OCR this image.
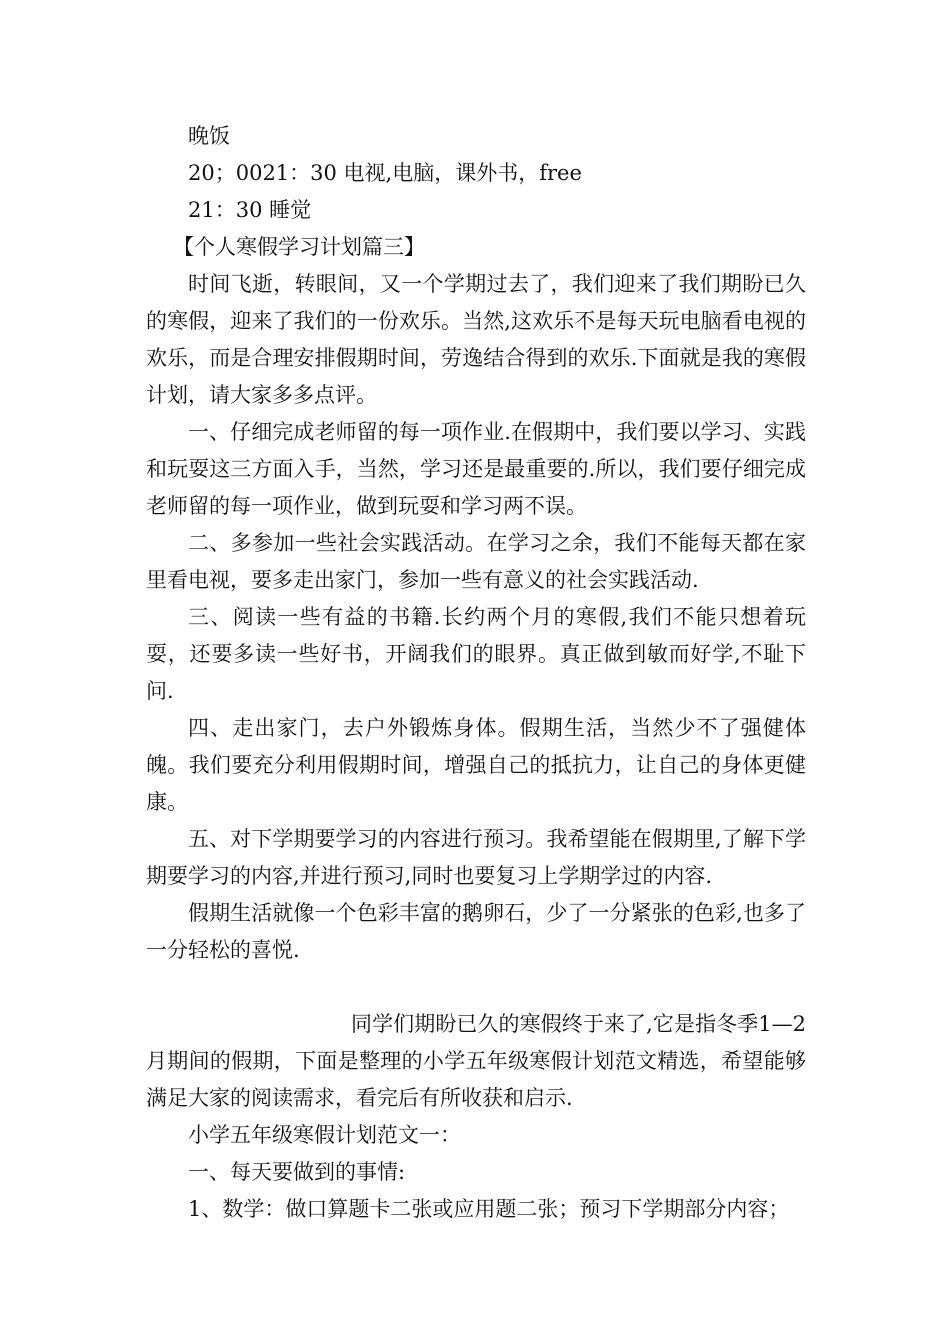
晚饭

20；0021：30 电视,电脑，课外书，free

21：30 睡觉

【个人寒假学习计划篇三】

时间飞逝，转眼间，又一个学期过去了，我们迎来了我们期盼已久的寒假，迎来了我们的一份欢乐。当然,这欢乐不是每天玩电脑看电视的欢乐，而是合理安排假期时间，劳逸结合得到的欢乐.下面就是我的寒假计划，请大家多多点评。

一、仔细完成老师留的每一项作业.在假期中，我们要以学习、实践和玩耍这三方面入手，当然，学习还是最重要的.所以，我们要仔细完成老师留的每一项作业，做到玩耍和学习两不误。

二、多参加一些社会实践活动。在学习之余，我们不能每天都在家里看电视，要多走出家门，参加一些有意义的社会实践活动.

三、阅读一些有益的书籍.长约两个月的寒假,我们不能只想着玩耍，还要多读一些好书，开阔我们的眼界。真正做到敏而好学,不耻下问.

四、走出家门，去户外锻炼身体。假期生活，当然少不了强健体魄。我们要充分利用假期时间，增强自己的抵抗力，让自己的身体更健康。

五、对下学期要学习的内容进行预习。我希望能在假期里,了解下学期要学习的内容,并进行预习,同时也要复习上学期学过的内容.

假期生活就像一个色彩丰富的鹅卵石，少了一分紧张的色彩,也多了一分轻松的喜悦.

同学们期盼已久的寒假终于来了,它是指冬季1—2月期间的假期，下面是整理的小学五年级寒假计划范文精选，希望能够满足大家的阅读需求，看完后有所收获和启示.

小学五年级寒假计划范文一：

一、每天要做到的事情:

1、数学：做口算题卡二张或应用题二张；预习下学期部分内容；
